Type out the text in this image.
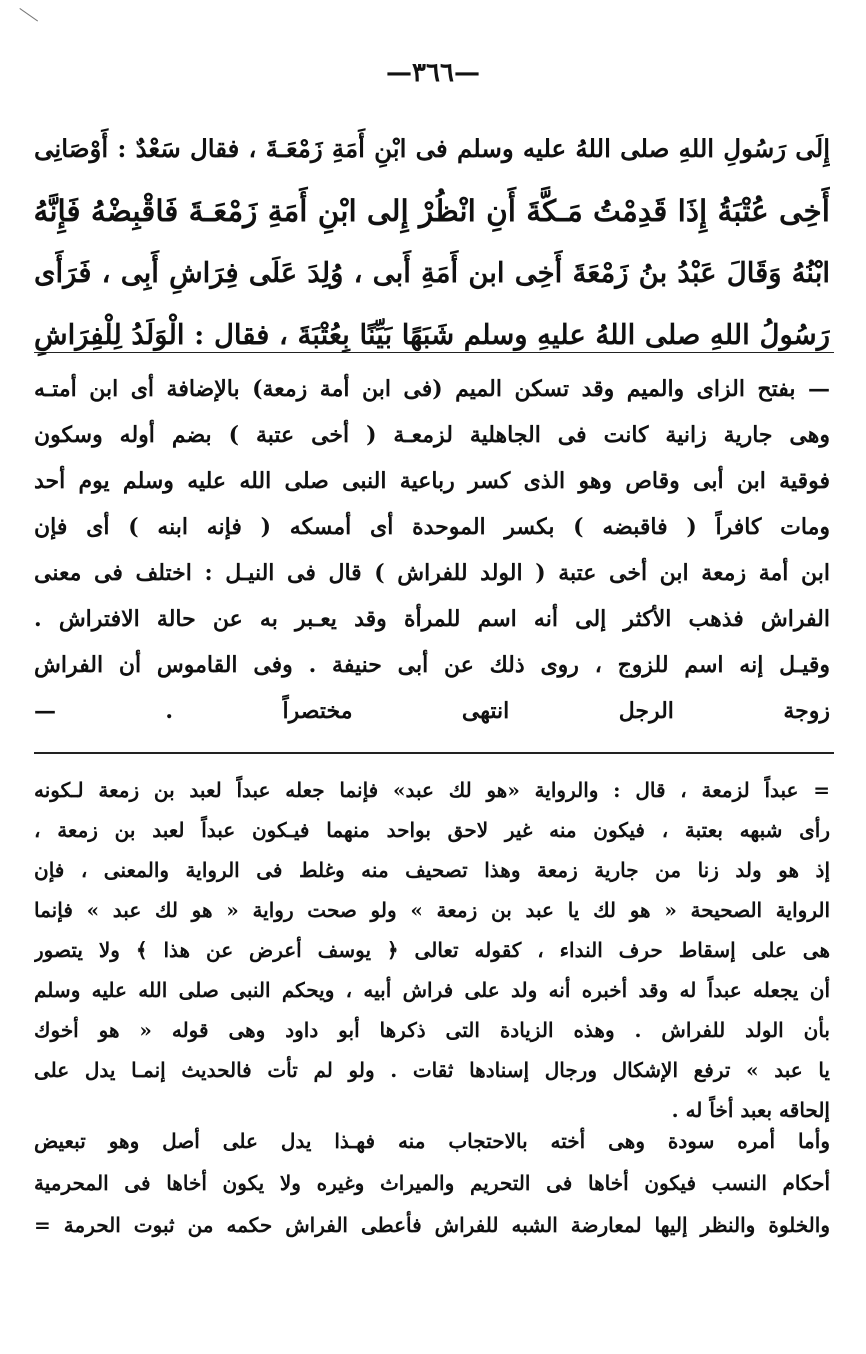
—٣٦٦—
إِلَى رَسُولِ اللهِ صلى اللهُ عليه وسلم فى ابْنِ أَمَةِ زَمْعَـةَ ، فقال سَعْدٌ : أَوْصَانِى
أَخِى عُتْبَةُ إِذَا قَدِمْتُ مَـكَّةَ أَنِ انْظُرْ إِلى ابْنِ أَمَةِ زَمْعَـةَ فَاقْبِضْهُ فَإِنَّهُ
ابْنُهُ وَقَالَ عَبْدُ بنُ زَمْعَةَ أَخِى ابن أَمَةِ أَبى ، وُلِدَ عَلَى فِرَاشِ أَبِى ، فَرَأَى
رَسُولُ اللهِ صلى اللهُ عليهِ وسلم شَبَهًا بَيِّنًا بِعُتْبَةَ ، فقال : الْوَلَدُ لِلْفِرَاشِ
— بفتح الزاى والميم وقد تسكن الميم (فى ابن أمة زمعة) بالإضافة أى ابن أمتـه
وهى جارية زانية كانت فى الجاهلية لزمعـة ( أخى عتبة ) بضم أوله وسكون
فوقية ابن أبى وقاص وهو الذى كسر رباعية النبى صلى الله عليه وسلم يوم أحد
ومات كافراً ( فاقبضه ) بكسر الموحدة أى أمسكه ( فإنه ابنه ) أى فإن
ابن أمة زمعة ابن أخى عتبة ( الولد للفراش ) قال فى النيـل : اختلف فى معنى
الفراش فذهب الأكثر إلى أنه اسم للمرأة وقد يعـبر به عن حالة الافتراش .
وقيـل إنه اسم للزوج ، روى ذلك عن أبى حنيفة . وفى القاموس أن الفراش
زوجة الرجل انتهى مختصراً . —
= عبداً لزمعة ، قال : والرواية «هو لك عبد» فإنما جعله عبداً لعبد بن زمعة لـكونه
رأى شبهه بعتبة ، فيكون منه غير لاحق بواحد منهما فيـكون عبداً لعبد بن زمعة ،
إذ هو ولد زنا من جارية زمعة وهذا تصحيف منه وغلط فى الرواية والمعنى ، فإن
الرواية الصحيحة « هو لك يا عبد بن زمعة » ولو صحت رواية « هو لك عبد » فإنما
هى على إسقاط حرف النداء ، كقوله تعالى ﴿ يوسف أعرض عن هذا ﴾ ولا يتصور
أن يجعله عبداً له وقد أخبره أنه ولد على فراش أبيه ، ويحكم النبى صلى الله عليه وسلم
بأن الولد للفراش . وهذه الزيادة التى ذكرها أبو داود وهى قوله « هو أخوك
يا عبد » ترفع الإشكال ورجال إسنادها ثقات . ولو لم تأت فالحديث إنمـا يدل على
إلحاقه بعبد أخاً له .
وأما أمره سودة وهى أخته بالاحتجاب منه فهـذا يدل على أصل وهو تبعيض
أحكام النسب فيكون أخاها فى التحريم والميراث وغيره ولا يكون أخاها فى المحرمية
والخلوة والنظر إليها لمعارضة الشبه للفراش فأعطى الفراش حكمه من ثبوت الحرمة =
